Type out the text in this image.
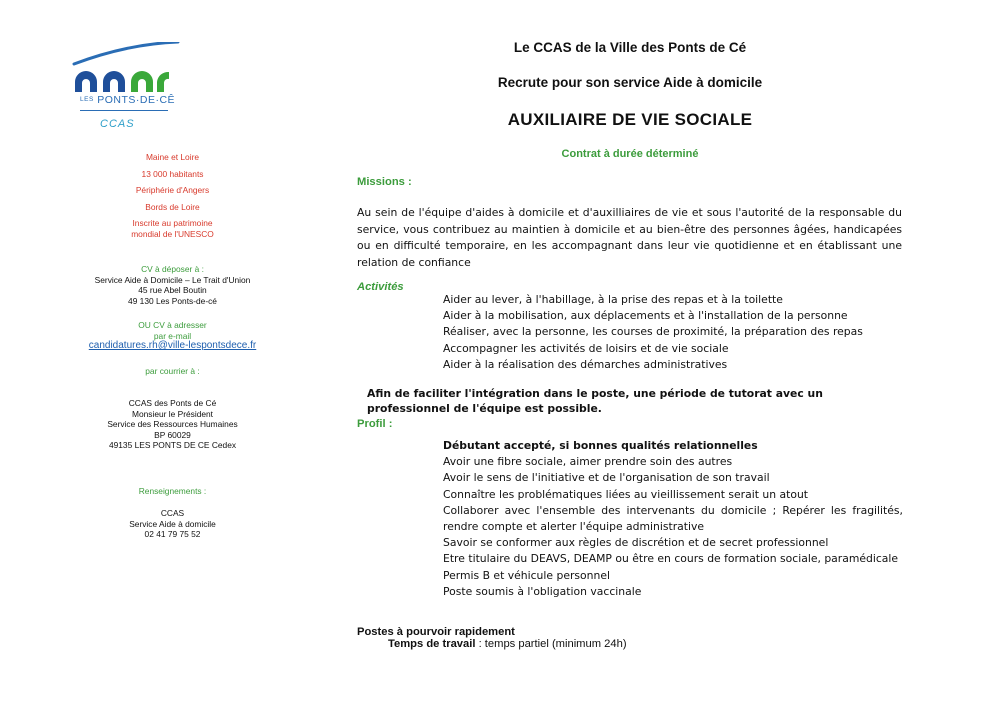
LES PONTS·DE·CÊ
CCAS
Maine et Loire
13 000 habitants
Périphérie d'Angers
Bords de Loire
Inscrite au patrimoine
mondial de l'UNESCO
CV à déposer à :
Service Aide à Domicile – Le Trait d'Union
45 rue Abel Boutin
49 130 Les Ponts-de-cé
OU CV à adresser
par e-mail
candidatures.rh@ville-lespontsdece.fr
par courrier à :
CCAS des Ponts de Cé
Monsieur le Président
Service des Ressources Humaines
BP 60029
49135 LES PONTS DE CE Cedex
Renseignements :
CCAS
Service Aide à domicile
02 41 79 75 52
Le CCAS de la Ville des Ponts de Cé
Recrute pour son service Aide à domicile
AUXILIAIRE DE VIE SOCIALE
Contrat à durée déterminé
Missions :
Au sein de l'équipe d'aides à domicile et d'auxilliaires de vie et sous l'autorité de la responsable du service, vous contribuez au maintien à domicile et au bien-être des personnes âgées, handicapées ou en difficulté temporaire, en les accompagnant dans leur vie quotidienne et en établissant une relation de confiance
Activités
Aider au lever, à l'habillage, à la prise des repas et à la toilette
Aider à la mobilisation, aux déplacements et à l'installation de la personne
Réaliser, avec la personne, les courses de proximité, la préparation des repas
Accompagner les activités de loisirs et de vie sociale
Aider à la réalisation des démarches administratives
Afin de faciliter l'intégration dans le poste, une période de tutorat avec un professionnel de l'équipe est possible.
Profil :
Débutant accepté, si bonnes qualités relationnelles
Avoir une fibre sociale, aimer prendre soin des autres
Avoir le sens de l'initiative et de l'organisation de son travail
Connaître les problématiques liées au vieillissement serait un atout
Collaborer avec l'ensemble des intervenants du domicile ; Repérer les fragilités, rendre compte et alerter l'équipe administrative
Savoir se conformer aux règles de discrétion et de secret professionnel
Etre titulaire du DEAVS, DEAMP ou être en cours de formation sociale, paramédicale
Permis B et véhicule personnel
Poste soumis à l'obligation vaccinale
Postes à pourvoir rapidement
Temps de travail : temps partiel (minimum 24h)
